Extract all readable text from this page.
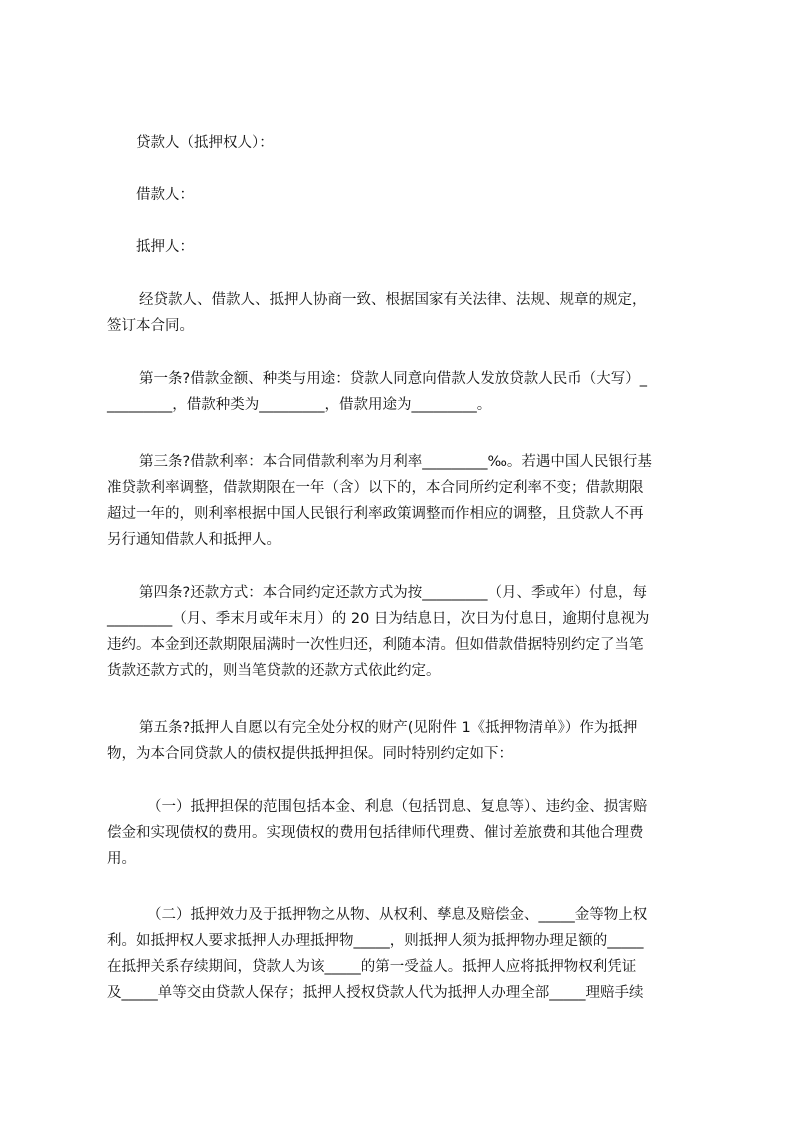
贷款人（抵押权人）：
借款人：
抵押人：
经贷款人、借款人、抵押人协商一致、根据国家有关法律、法规、规章的规定，
签订本合同。
第一条?借款金额、种类与用途：贷款人同意向借款人发放贷款人民币（大写）_
_________，借款种类为_________，借款用途为_________。
第三条?借款利率：本合同借款利率为月利率_________‰。若遇中国人民银行基
准贷款利率调整，借款期限在一年（含）以下的，本合同所约定利率不变；借款期限
超过一年的，则利率根据中国人民银行利率政策调整而作相应的调整，且贷款人不再
另行通知借款人和抵押人。
第四条?还款方式：本合同约定还款方式为按_________（月、季或年）付息，每
_________（月、季末月或年末月）的 20 日为结息日，次日为付息日，逾期付息视为
违约。本金到还款期限届满时一次性归还，利随本清。但如借款借据特别约定了当笔
货款还款方式的，则当笔贷款的还款方式依此约定。
第五条?抵押人自愿以有完全处分权的财产(见附件 1《抵押物清单》）作为抵押
物，为本合同贷款人的债权提供抵押担保。同时特别约定如下：
（一）抵押担保的范围包括本金、利息（包括罚息、复息等）、违约金、损害赔
偿金和实现债权的费用。实现债权的费用包括律师代理费、催讨差旅费和其他合理费
用。
（二）抵押效力及于抵押物之从物、从权利、孳息及赔偿金、_____金等物上权
利。如抵押权人要求抵押人办理抵押物_____，则抵押人须为抵押物办理足额的_____
在抵押关系存续期间，贷款人为该_____的第一受益人。抵押人应将抵押物权利凭证
及_____单等交由贷款人保存；抵押人授权贷款人代为抵押人办理全部_____理赔手续
